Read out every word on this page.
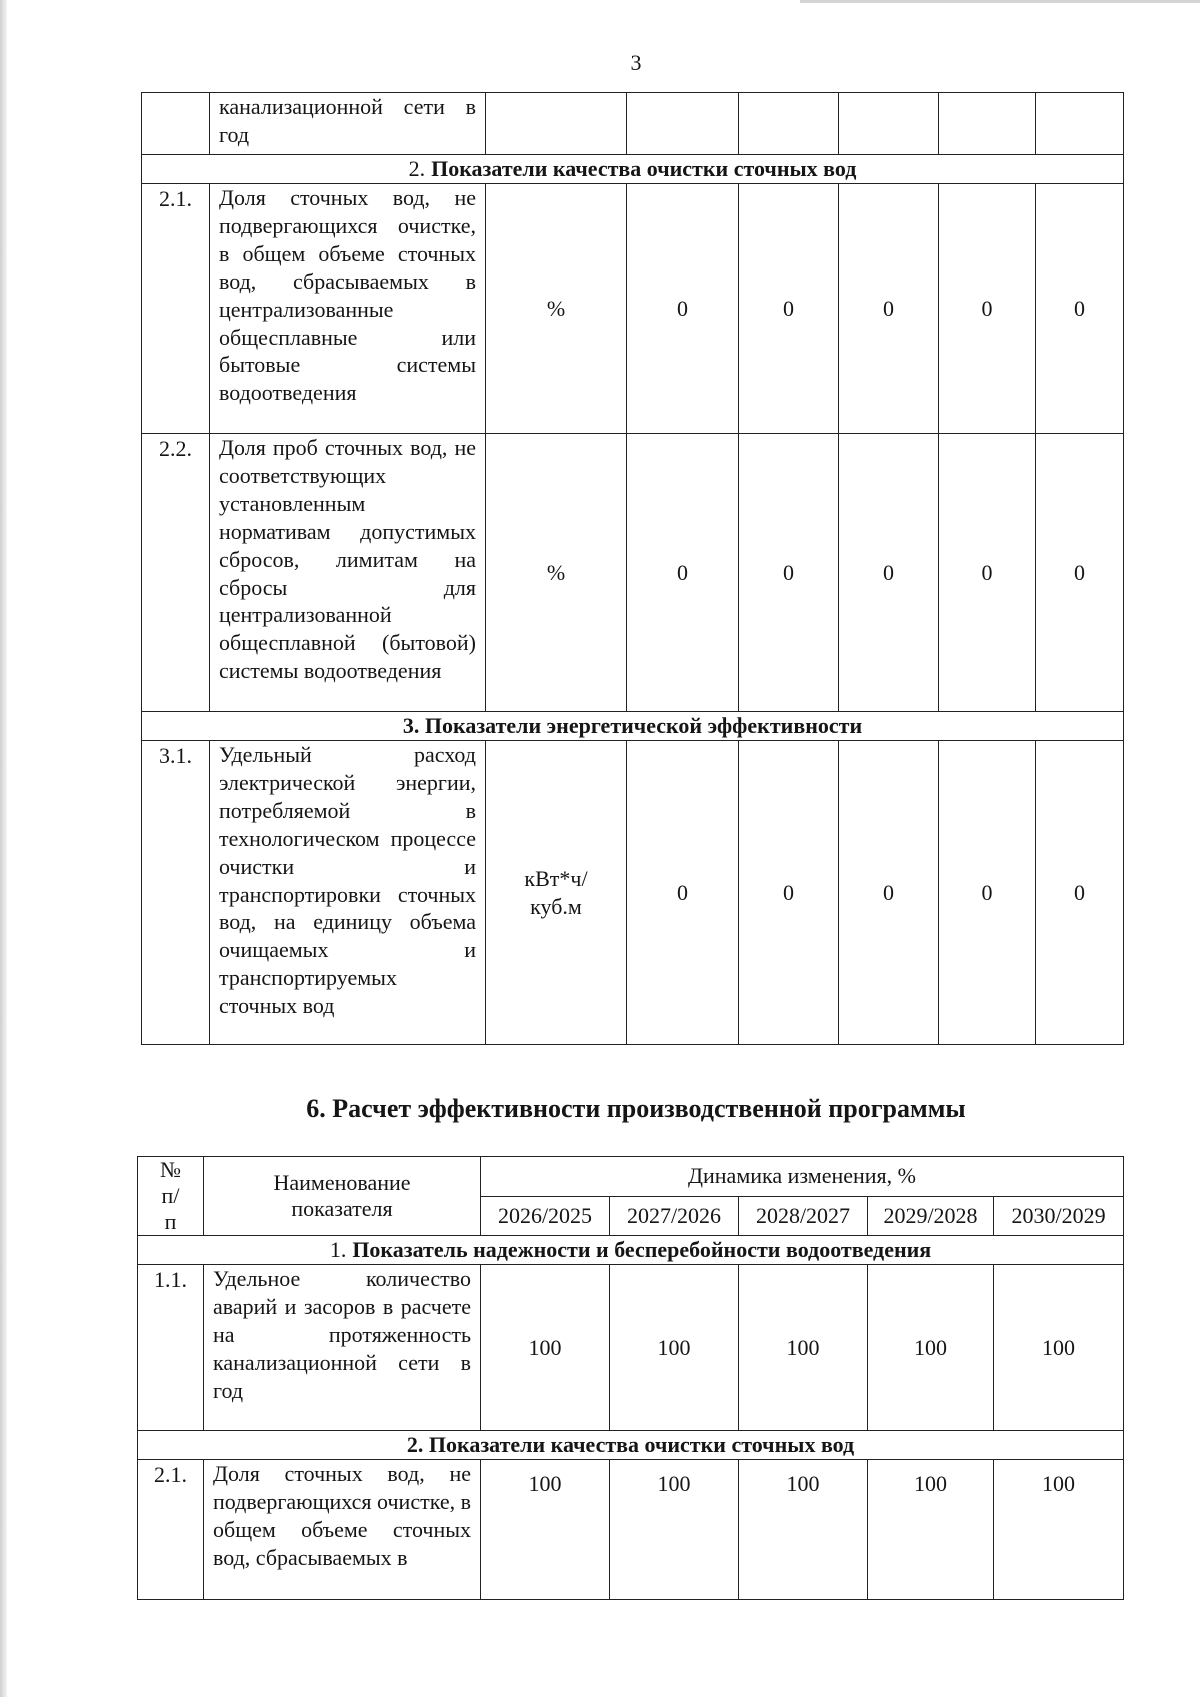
3
	канализационной сети в год						
2. Показатели качества очистки сточных вод							
2.1.	Доля сточных вод, не подвергающихся очистке, в общем объеме сточных вод, сбрасываемых в централизованные общесплавные или бытовые системы водоотведения	%	0	0	0	0	0
2.2.	Доля проб сточных вод, не соответствующих установленным нормативам допустимых сбросов, лимитам на сбросы для централизованной общесплавной (бытовой) системы водоотведения	%	0	0	0	0	0
3. Показатели энергетической эффективности							
3.1.	Удельный расход электрической энергии, потребляемой в технологическом процессе очистки и транспортировки сточных вод, на единицу объема очищаемых и транспортируемых сточных вод	кВт*ч/ куб.м	0	0	0	0	0
6. Расчет эффективности производственной программы
№ п/п	Наименование показателя	Динамика изменения, %				
		2026/2025	2027/2026	2028/2027	2029/2028	2030/2029
1. Показатель надежности и бесперебойности водоотведения						
1.1.	Удельное количество аварий и засоров в расчете на протяженность канализационной сети в год	100	100	100	100	100
2. Показатели качества очистки сточных вод						
2.1.	Доля сточных вод, не подвергающихся очистке, в общем объеме сточных вод, сбрасываемых в	100	100	100	100	100
